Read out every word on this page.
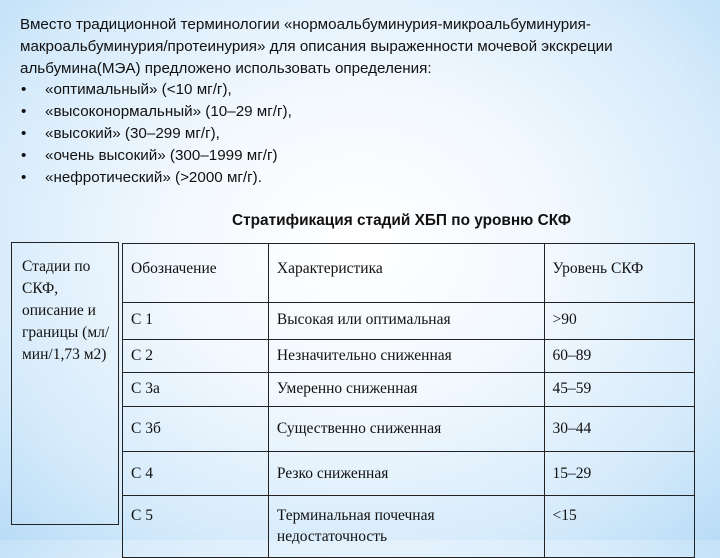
Вместо традиционной терминологии «нормоальбуминурия-микроальбуминурия-макроальбуминурия/протеинурия» для описания выраженности мочевой экскреции альбумина(МЭА) предложено использовать определения:

• «оптимальный» (<10 мг/г),
• «высоконормальный» (10–29 мг/г),
• «высокий» (30–299 мг/г),
• «очень высокий» (300–1999 мг/г)
• «нефротический» (>2000 мг/г).
Стратификация стадий ХБП по уровню СКФ
Стадии по СКФ, описание и границы (мл/мин/1,73 м2)
Обозначение	Характеристика	Уровень СКФ
С 1	Высокая или оптимальная	>90
С 2	Незначительно сниженная	60–89
С 3а	Умеренно сниженная	45–59
С 3б	Существенно сниженная	30–44
С 4	Резко сниженная	15–29
С 5	Терминальная почечная недостаточность	<15
